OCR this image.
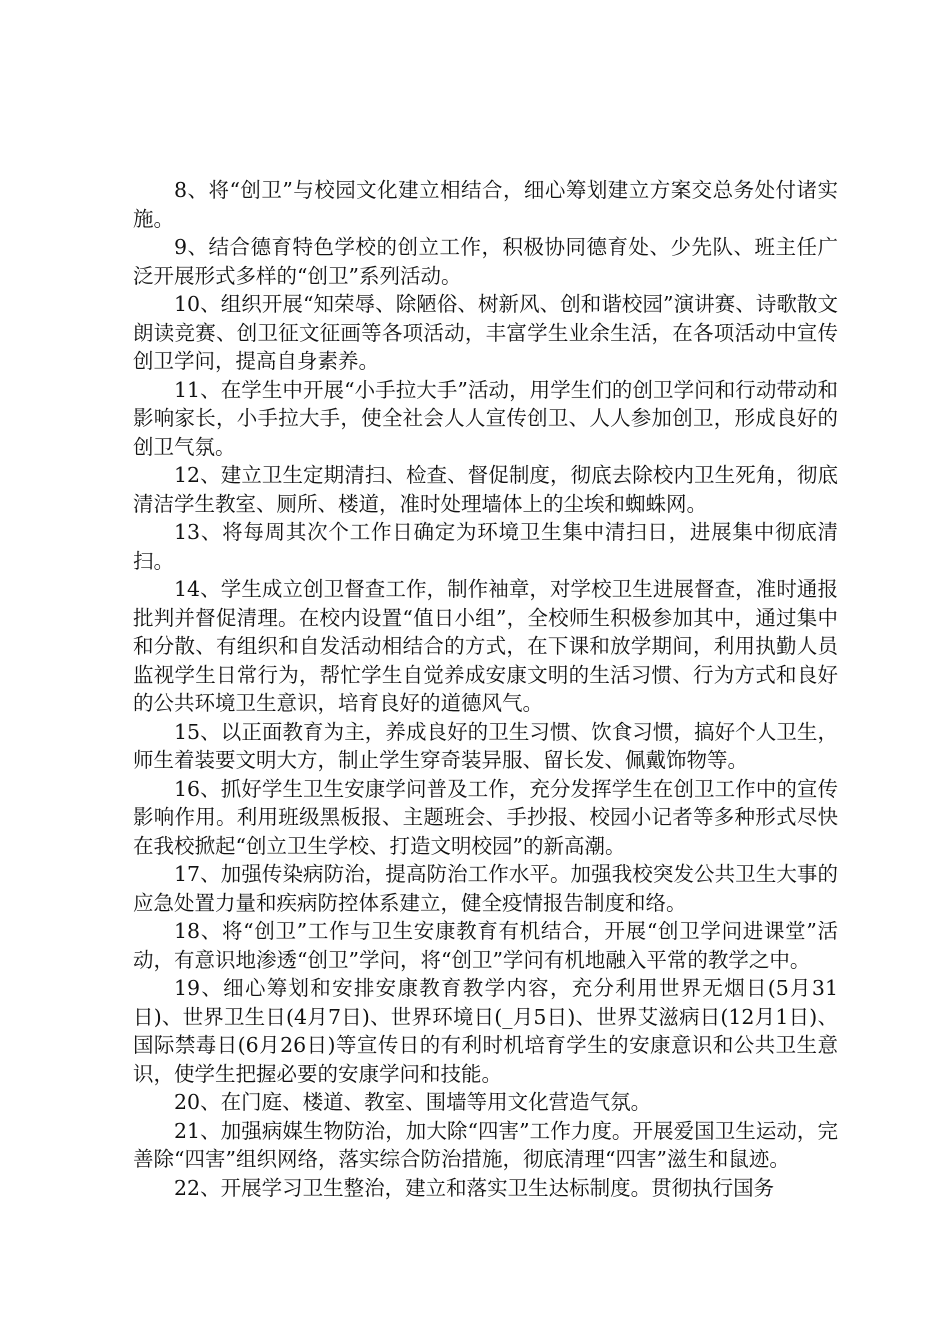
8、将“创卫”与校园文化建立相结合，细心筹划建立方案交总务处付诸实施。

9、结合德育特色学校的创立工作，积极协同德育处、少先队、班主任广泛开展形式多样的“创卫”系列活动。

10、组织开展“知荣辱、除陋俗、树新风、创和谐校园”演讲赛、诗歌散文朗读竞赛、创卫征文征画等各项活动，丰富学生业余生活，在各项活动中宣传创卫学问，提高自身素养。

11、在学生中开展“小手拉大手”活动，用学生们的创卫学问和行动带动和影响家长，小手拉大手，使全社会人人宣传创卫、人人参加创卫，形成良好的创卫气氛。

12、建立卫生定期清扫、检查、督促制度，彻底去除校内卫生死角，彻底清洁学生教室、厕所、楼道，准时处理墙体上的尘埃和蜘蛛网。

13、将每周其次个工作日确定为环境卫生集中清扫日，进展集中彻底清扫。

14、学生成立创卫督查工作，制作袖章，对学校卫生进展督查，准时通报批判并督促清理。在校内设置“值日小组”，全校师生积极参加其中，通过集中和分散、有组织和自发活动相结合的方式，在下课和放学期间，利用执勤人员监视学生日常行为，帮忙学生自觉养成安康文明的生活习惯、行为方式和良好的公共环境卫生意识，培育良好的道德风气。

15、以正面教育为主，养成良好的卫生习惯、饮食习惯，搞好个人卫生，师生着装要文明大方，制止学生穿奇装异服、留长发、佩戴饰物等。

16、抓好学生卫生安康学问普及工作，充分发挥学生在创卫工作中的宣传影响作用。利用班级黑板报、主题班会、手抄报、校园小记者等多种形式尽快在我校掀起“创立卫生学校、打造文明校园”的新高潮。

17、加强传染病防治，提高防治工作水平。加强我校突发公共卫生大事的应急处置力量和疾病防控体系建立，健全疫情报告制度和络。

18、将“创卫”工作与卫生安康教育有机结合，开展“创卫学问进课堂”活动，有意识地渗透“创卫”学问，将“创卫”学问有机地融入平常的教学之中。

19、细心筹划和安排安康教育教学内容，充分利用世界无烟日(5月31日)、世界卫生日(4月7日)、世界环境日(_月5日)、世界艾滋病日(12月1日)、国际禁毒日(6月26日)等宣传日的有利时机培育学生的安康意识和公共卫生意识，使学生把握必要的安康学问和技能。

20、在门庭、楼道、教室、围墙等用文化营造气氛。

21、加强病媒生物防治，加大除“四害”工作力度。开展爱国卫生运动，完善除“四害”组织网络，落实综合防治措施，彻底清理“四害”滋生和鼠迹。

22、开展学习卫生整治，建立和落实卫生达标制度。贯彻执行国务
